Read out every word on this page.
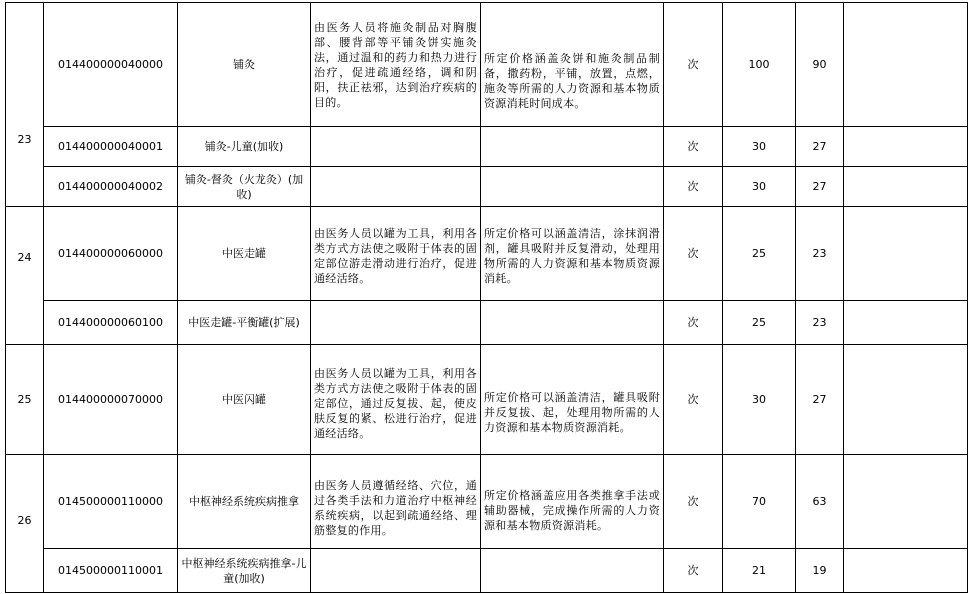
23	014400000040000	铺灸	由医务人员将施灸制品对胸腹部、腰背部等平铺灸饼实施灸法，通过温和的药力和热力进行治疗，促进疏通经络，调和阴 阳，扶正祛邪，达到治疗疾病的目的。	所定价格涵盖灸饼和施灸制品制备，撒药粉，平铺，放置，点燃，施灸等所需的人力资源和基本物质资源消耗时间成本。	次	100	90	
	014400000040001	铺灸-儿童(加收)			次	30	27	
	014400000040002	铺灸-督灸（火龙灸）(加收)			次	30	27	
24	014400000060000	中医走罐	由医务人员以罐为工具，利用各类方式方法使之吸附于体表的固定部位游走滑动进行治疗，促进通经活络。	所定价格可以涵盖清洁，涂抹润滑剂，罐具吸附并反复滑动，处理用物所需的人力资源和基本物质资源消耗。	次	25	23	
	014400000060100	中医走罐-平衡罐(扩展)			次	25	23	
25	014400000070000	中医闪罐	由医务人员以罐为工具，利用各类方式方法使之吸附于体表的固定部位，通过反复拔、起，使皮肤反复的紧、松进行治疗，促进通经活络。	所定价格可以涵盖清洁，罐具吸附并反复拔、起，处理用物所需的人力资源和基本物质资源消耗。	次	30	27	
26	014500000110000	中枢神经系统疾病推拿	由医务人员遵循经络、穴位，通过各类手法和力道治疗中枢神经系统疾病，以起到疏通经络、理筋整复的作用。	所定价格涵盖应用各类推拿手法或辅助器械，完成操作所需的人力资源和基本物质资源消耗。	次	70	63	
	014500000110001	中枢神经系统疾病推拿-儿童(加收)			次	21	19	
